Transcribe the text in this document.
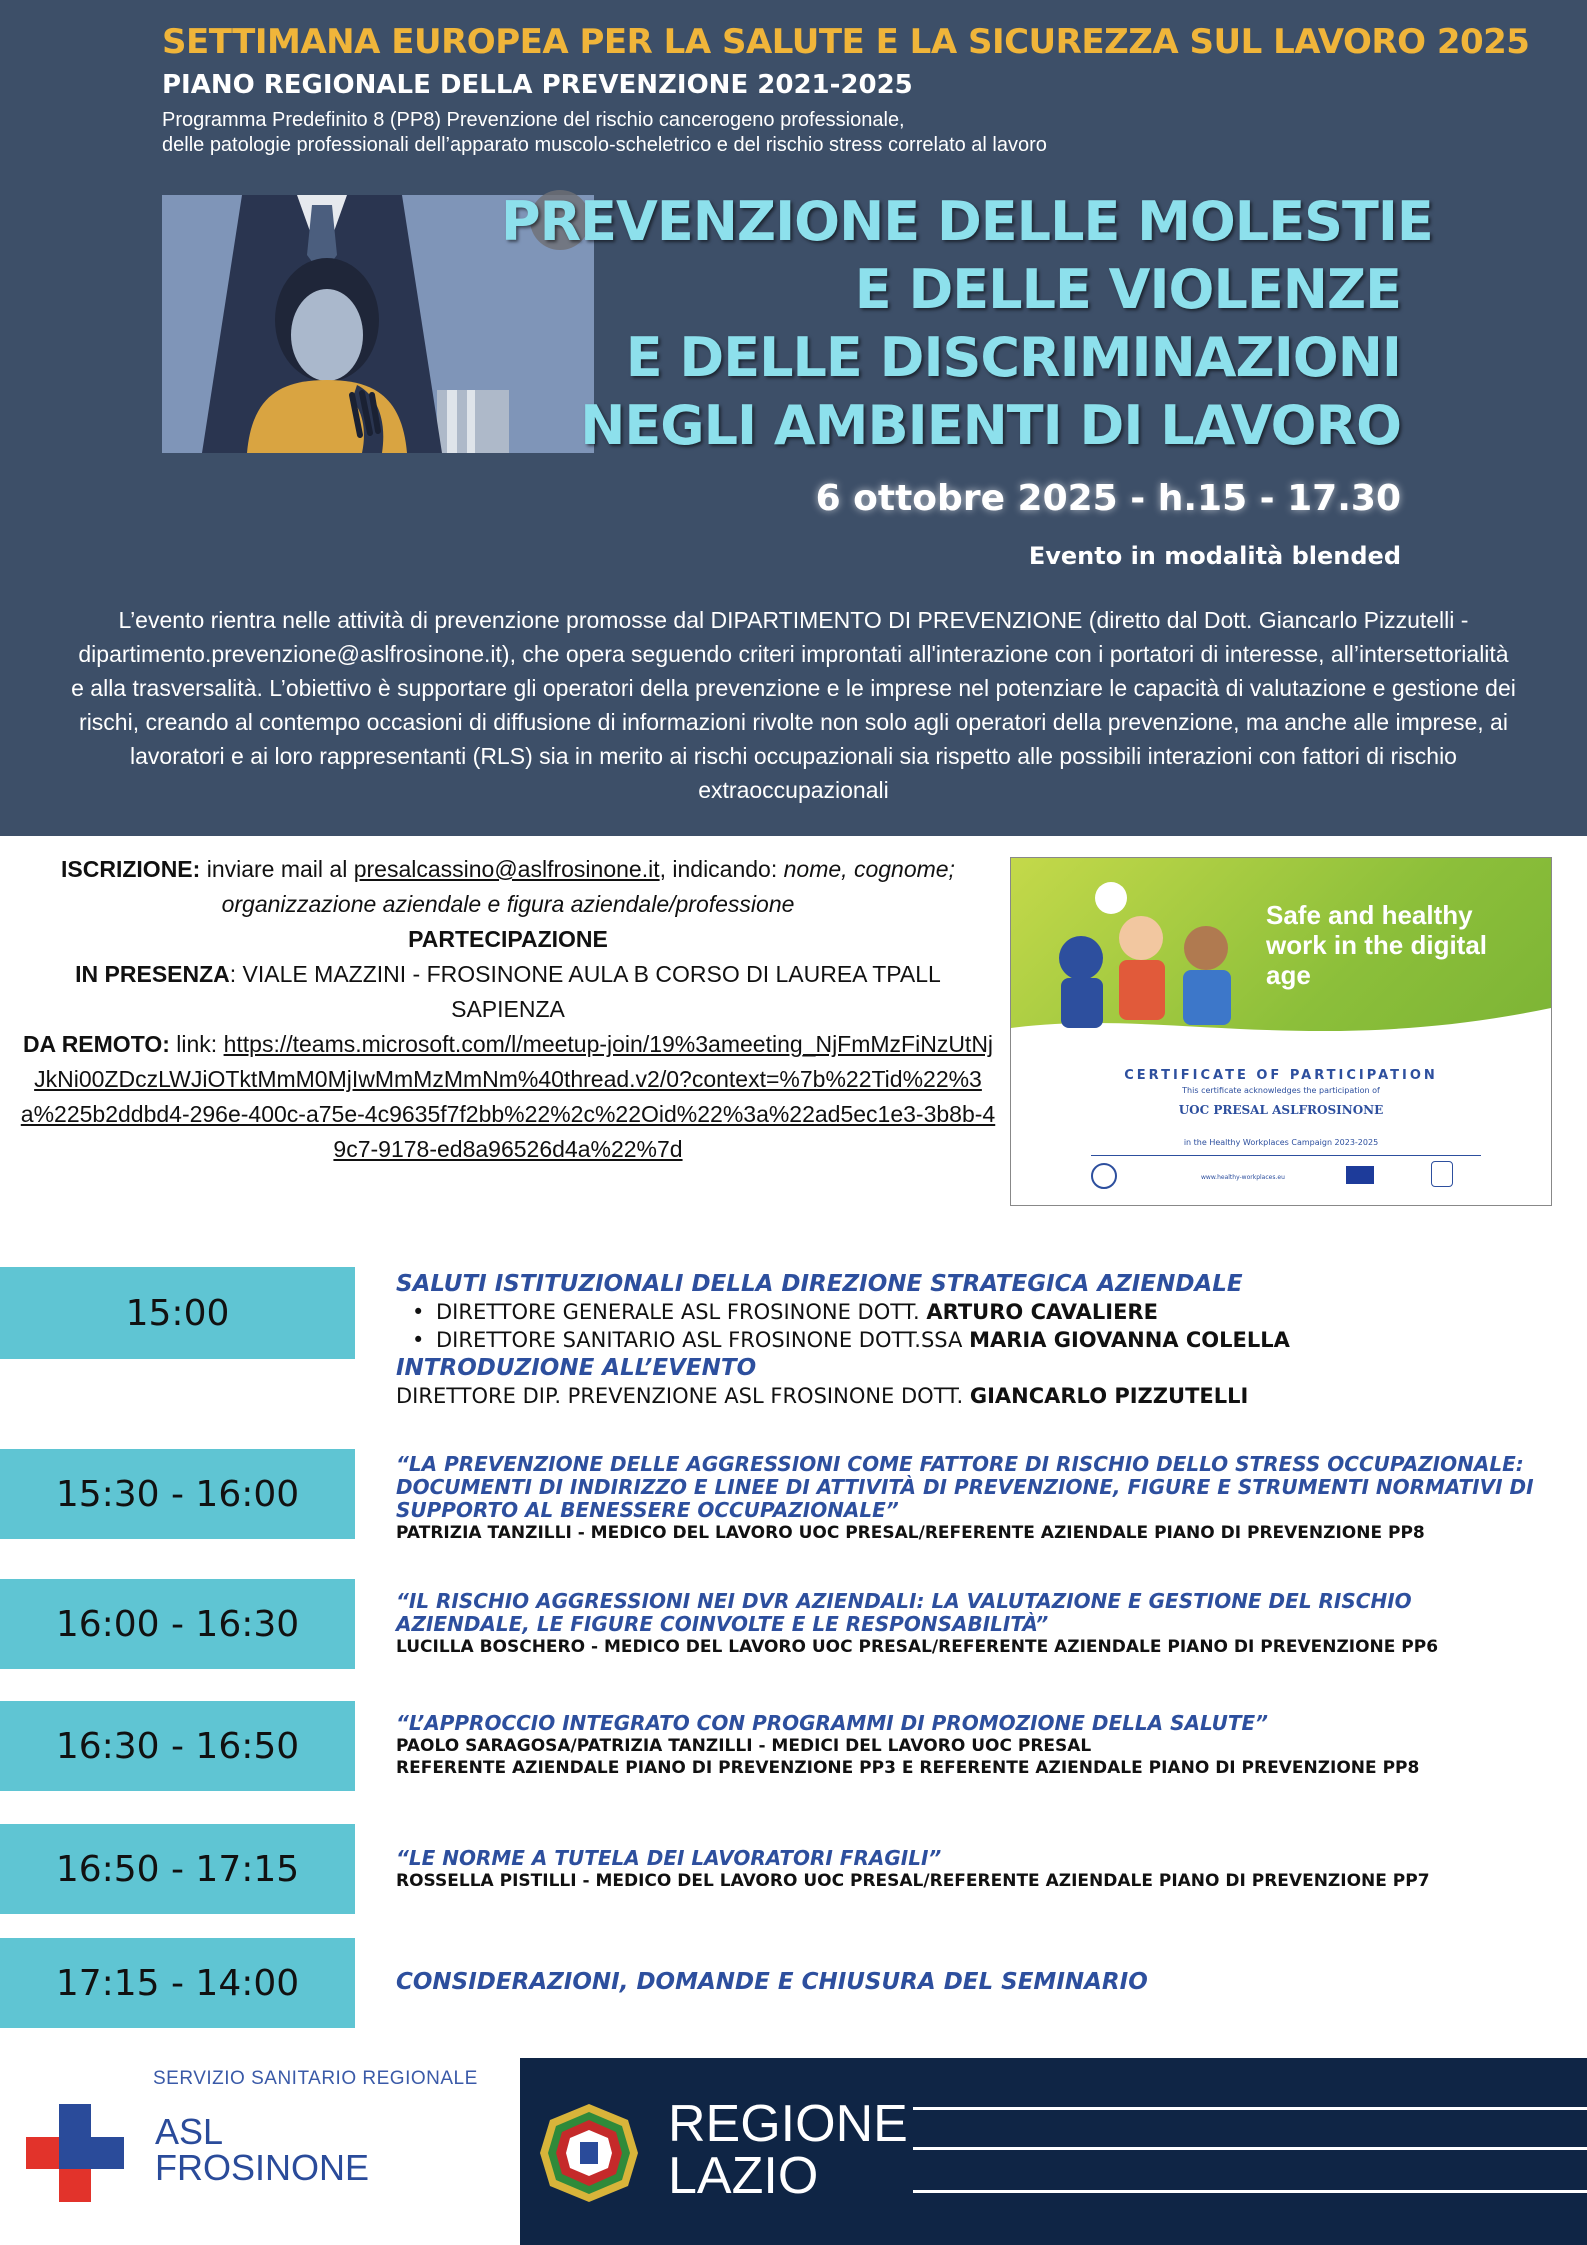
SETTIMANA EUROPEA PER LA SALUTE E LA SICUREZZA SUL LAVORO 2025
PIANO REGIONALE DELLA PREVENZIONE 2021-2025
Programma Predefinito 8 (PP8) Prevenzione del rischio cancerogeno professionale,
delle patologie professionali dell’apparato muscolo-scheletrico e del rischio stress correlato al lavoro
PREVENZIONE DELLE MOLESTIE
E DELLE VIOLENZE
E DELLE DISCRIMINAZIONI
NEGLI AMBIENTI DI LAVORO
6 ottobre 2025 - h.15 - 17.30
Evento in modalità blended
L’evento rientra nelle attività di prevenzione promosse dal DIPARTIMENTO DI PREVENZIONE (diretto dal Dott. Giancarlo Pizzutelli - dipartimento.prevenzione@aslfrosinone.it), che opera seguendo criteri improntati all'interazione con i portatori di interesse, all’intersettorialità e alla trasversalità. L’obiettivo è supportare gli operatori della prevenzione e le imprese nel potenziare le capacità di valutazione e gestione dei rischi, creando al contempo occasioni di diffusione di informazioni rivolte non solo agli operatori della prevenzione, ma anche alle imprese, ai lavoratori e ai loro rappresentanti (RLS) sia in merito ai rischi occupazionali sia rispetto alle possibili interazioni con fattori di rischio extraoccupazionali
ISCRIZIONE: inviare mail al presalcassino@aslfrosinone.it, indicando: nome, cognome; organizzazione aziendale e figura aziendale/professione
PARTECIPAZIONE
IN PRESENZA: VIALE MAZZINI - FROSINONE AULA B CORSO DI LAUREA TPALL SAPIENZA
DA REMOTO: link: https://teams.microsoft.com/l/meetup-join/19%3ameeting_NjFmMzFiNzUtNjJkNi00ZDczLWJiOTktMmM0MjIwMmMzMmNm%40thread.v2/0?context=%7b%22Tid%22%3a%225b2ddbd4-296e-400c-a75e-4c9635f7f2bb%22%2c%22Oid%22%3a%22ad5ec1e3-3b8b-49c7-9178-ed8a96526d4a%22%7d
Safe and healthy work in the digital age
CERTIFICATE OF PARTICIPATION
This certificate acknowledges the participation of
UOC PRESAL ASLFROSINONE
in the Healthy Workplaces Campaign 2023-2025
www.healthy-workplaces.eu
15:00
SALUTI ISTITUZIONALI DELLA DIREZIONE STRATEGICA AZIENDALE
• DIRETTORE GENERALE ASL FROSINONE DOTT. ARTURO CAVALIERE
• DIRETTORE SANITARIO ASL FROSINONE DOTT.SSA MARIA GIOVANNA COLELLA
INTRODUZIONE ALL’EVENTO
DIRETTORE DIP. PREVENZIONE ASL FROSINONE DOTT. GIANCARLO PIZZUTELLI
15:30 - 16:00
“LA PREVENZIONE DELLE AGGRESSIONI COME FATTORE DI RISCHIO DELLO STRESS OCCUPAZIONALE: DOCUMENTI DI INDIRIZZO E LINEE DI ATTIVITÀ DI PREVENZIONE, FIGURE E STRUMENTI NORMATIVI DI SUPPORTO AL BENESSERE OCCUPAZIONALE”
PATRIZIA TANZILLI - MEDICO DEL LAVORO UOC PRESAL/REFERENTE AZIENDALE PIANO DI PREVENZIONE PP8
16:00 - 16:30
“IL RISCHIO AGGRESSIONI NEI DVR AZIENDALI: LA VALUTAZIONE E GESTIONE DEL RISCHIO AZIENDALE, LE FIGURE COINVOLTE E LE RESPONSABILITÀ”
LUCILLA BOSCHERO - MEDICO DEL LAVORO UOC PRESAL/REFERENTE AZIENDALE PIANO DI PREVENZIONE PP6
16:30 - 16:50
“L’APPROCCIO INTEGRATO CON PROGRAMMI DI PROMOZIONE DELLA SALUTE”
PAOLO SARAGOSA/PATRIZIA TANZILLI - MEDICI DEL LAVORO UOC PRESAL
REFERENTE AZIENDALE PIANO DI PREVENZIONE PP3 E REFERENTE AZIENDALE PIANO DI PREVENZIONE PP8
16:50 - 17:15	“LE NORME A TUTELA DEI LAVORATORI FRAGILI”
ROSSELLA PISTILLI - MEDICO DEL LAVORO UOC PRESAL/REFERENTE AZIENDALE PIANO DI PREVENZIONE PP7
17:15 - 14:00	CONSIDERAZIONI, DOMANDE E CHIUSURA DEL SEMINARIO
SERVIZIO SANITARIO REGIONALE
ASL
FROSINONE
REGIONE
LAZIO
